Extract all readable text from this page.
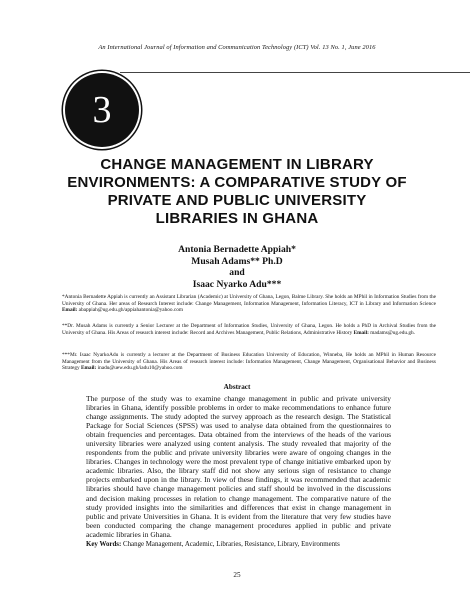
An International Journal of Information and Communication Technology (ICT) Vol. 13 No. 1, June 2016
3
CHANGE MANAGEMENT IN LIBRARY
ENVIRONMENTS: A COMPARATIVE STUDY OF
PRIVATE AND PUBLIC UNIVERSITY
LIBRARIES IN GHANA
Antonia Bernadette Appiah*
Musah Adams** Ph.D
and
Isaac Nyarko Adu***
*Antonia Bernadette Appiah is currently an Assistant Librarian (Academic) at University of Ghana, Legon, Balme Library. She holds an MPhil in Information Studies from the University of Ghana. Her areas of Research Interest include: Change Management, Information Management, Information Literacy, ICT in Library and Information Science Email: abappiah@ug.edu.gh/appiahantonia@yahoo.com
**Dr. Musah Adams is currently a Senior Lecturer at the Department of Information Studies, University of Ghana, Legon. He holds a PhD in Archival Studies from the University of Ghana. His Areas of research interest include: Record and Archives Management, Public Relations, Administrative History Email: madams@ug.edu.gh.
***Mr. Isaac NyarkoAdu is currently a lecturer at the Department of Business Education University of Education, Winneba, He holds an MPhil in Human Resource Management from the University of Ghana. His Areas of research interest include: Information Management, Change Management, Organisational Behavior and Business Strategy Email: inadu@uew.edu.gh/iadu10@yahoo.com
Abstract
The purpose of the study was to examine change management in public and private university libraries in Ghana, identify possible problems in order to make recommendations to enhance future change assignments. The study adopted the survey approach as the research design. The Statistical Package for Social Sciences (SPSS) was used to analyse data obtained from the questionnaires to obtain frequencies and percentages. Data obtained from the interviews of the heads of the various university libraries were analyzed using content analysis. The study revealed that majority of the respondents from the public and private university libraries were aware of ongoing changes in the libraries. Changes in technology were the most prevalent type of change initiative embarked upon by academic libraries. Also, the library staff did not show any serious sign of resistance to change projects embarked upon in the library. In view of these findings, it was recommended that academic libraries should have change management policies and staff should be involved in the discussions and decision making processes in relation to change management. The comparative nature of the study provided insights into the similarities and differences that exist in change management in public and private Universities in Ghana. It is evident from the literature that very few studies have been conducted comparing the change management procedures applied in public and private academic libraries in Ghana.
Key Words: Change Management, Academic, Libraries, Resistance, Library, Environments
25
